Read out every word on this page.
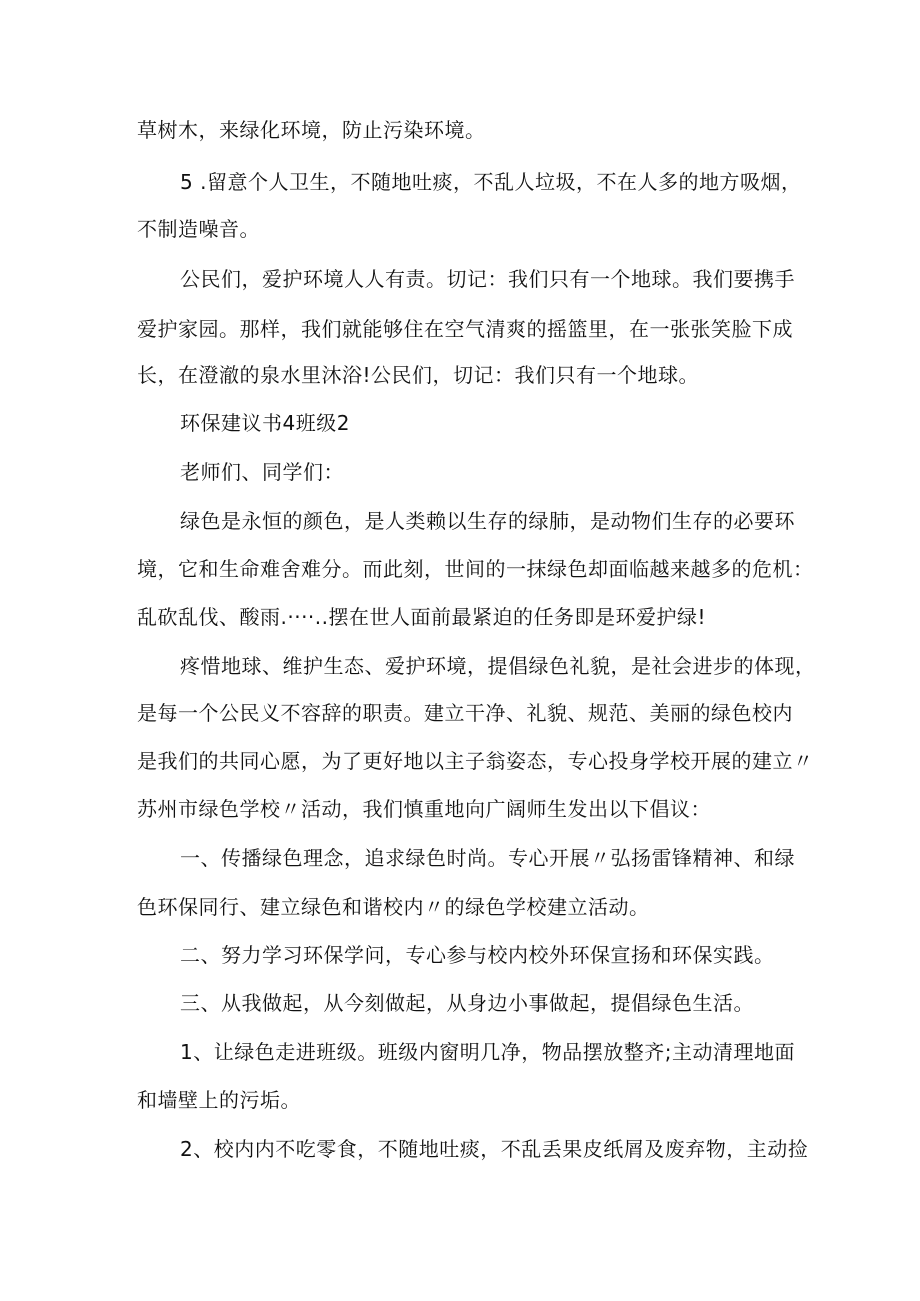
草树木，来绿化环境，防止污染环境。
5 .留意个人卫生，不随地吐痰，不乱人垃圾，不在人多的地方吸烟，
不制造噪音。
公民们，爱护环境人人有责。切记：我们只有一个地球。我们要携手
爱护家园。那样，我们就能够住在空气清爽的摇篮里，在一张张笑脸下成
长，在澄澈的泉水里沐浴!公民们，切记：我们只有一个地球。
环保建议书4班级2
老师们、同学们：
绿色是永恒的颜色，是人类赖以生存的绿肺，是动物们生存的必要环
境，它和生命难舍难分。而此刻，世间的一抹绿色却面临越来越多的危机：
乱砍乱伐、酸雨.····..摆在世人面前最紧迫的任务即是环爱护绿!
疼惜地球、维护生态、爱护环境，提倡绿色礼貌，是社会进步的体现，
是每一个公民义不容辞的职责。建立干净、礼貌、规范、美丽的绿色校内
是我们的共同心愿，为了更好地以主子翁姿态，专心投身学校开展的建立〃
苏州市绿色学校〃活动，我们慎重地向广阔师生发出以下倡议：
一、传播绿色理念，追求绿色时尚。专心开展〃弘扬雷锋精神、和绿
色环保同行、建立绿色和谐校内〃的绿色学校建立活动。
二、努力学习环保学问，专心参与校内校外环保宣扬和环保实践。
三、从我做起，从今刻做起，从身边小事做起，提倡绿色生活。
1、让绿色走进班级。班级内窗明几净，物品摆放整齐;主动清理地面
和墙壁上的污垢。
2、校内内不吃零食，不随地吐痰，不乱丢果皮纸屑及废弃物，主动捡
